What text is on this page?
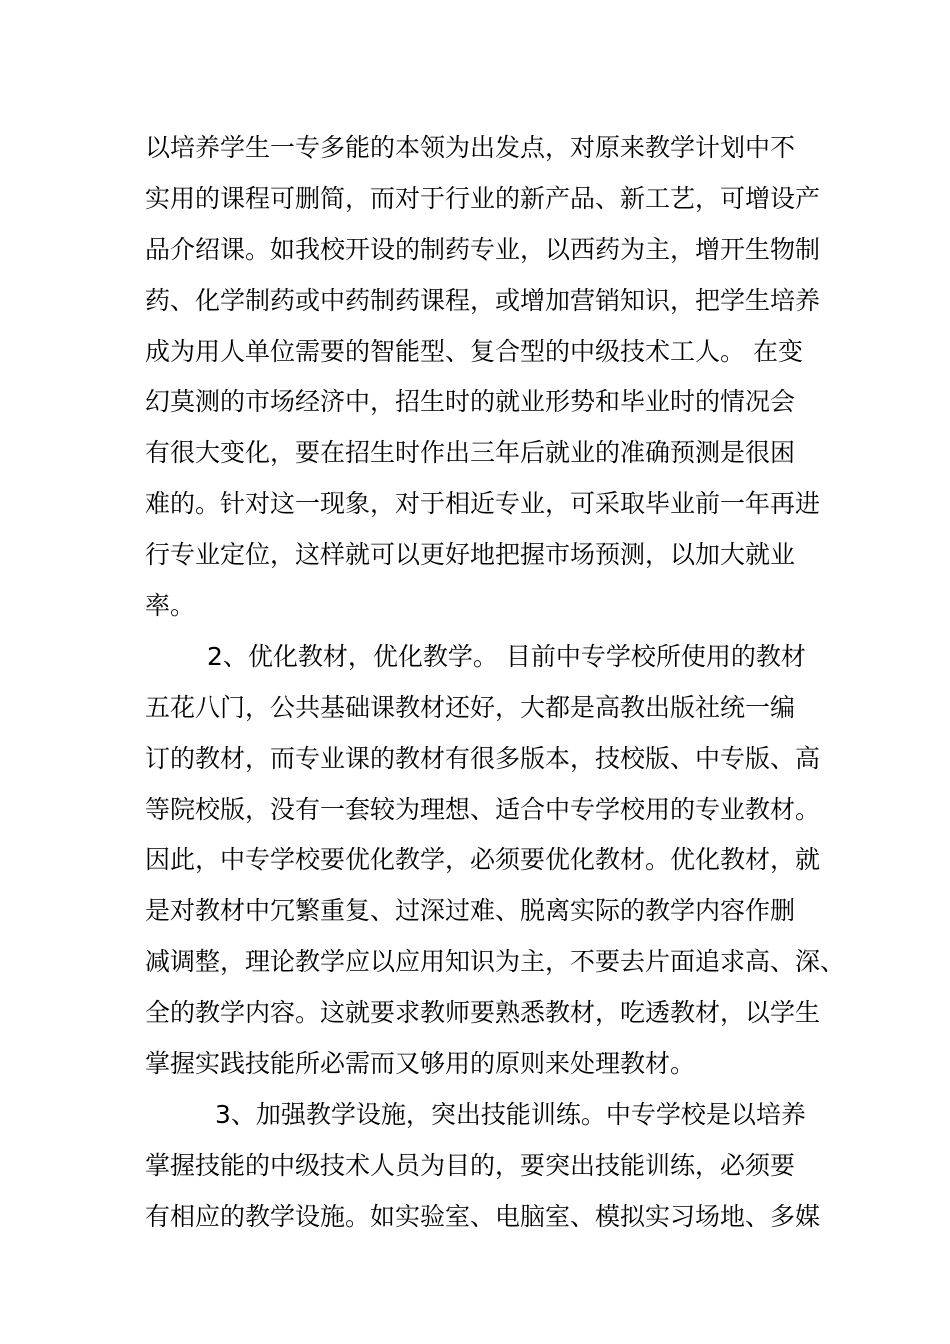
以培养学生一专多能的本领为出发点，对原来教学计划中不
实用的课程可删简，而对于行业的新产品、新工艺，可增设产
品介绍课。如我校开设的制药专业，以西药为主，增开生物制
药、化学制药或中药制药课程，或增加营销知识，把学生培养
成为用人单位需要的智能型、复合型的中级技术工人。 在变
幻莫测的市场经济中，招生时的就业形势和毕业时的情况会
有很大变化，要在招生时作出三年后就业的准确预测是很困
难的。针对这一现象，对于相近专业，可采取毕业前一年再进
行专业定位，这样就可以更好地把握市场预测，以加大就业
率。
2、优化教材，优化教学。 目前中专学校所使用的教材
五花八门，公共基础课教材还好，大都是高教出版社统一编
订的教材，而专业课的教材有很多版本，技校版、中专版、高
等院校版，没有一套较为理想、适合中专学校用的专业教材。
因此，中专学校要优化教学，必须要优化教材。优化教材，就
是对教材中冗繁重复、过深过难、脱离实际的教学内容作删
减调整，理论教学应以应用知识为主，不要去片面追求高、深、
全的教学内容。这就要求教师要熟悉教材，吃透教材，以学生
掌握实践技能所必需而又够用的原则来处理教材。
3、加强教学设施，突出技能训练。中专学校是以培养
掌握技能的中级技术人员为目的，要突出技能训练，必须要
有相应的教学设施。如实验室、电脑室、模拟实习场地、多媒
